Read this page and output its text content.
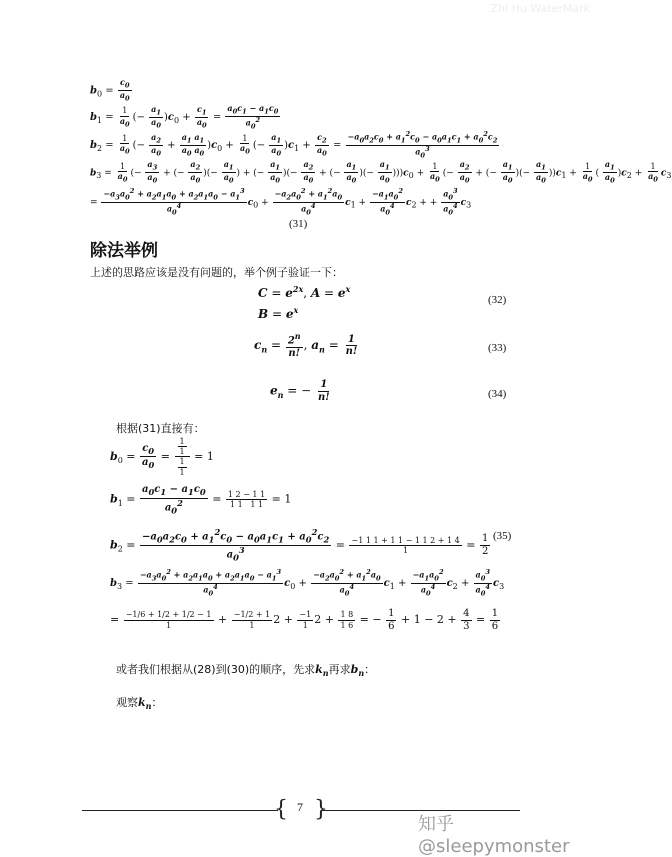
Zhi Hu WaterMark
$b_0 = \frac{c_0}{a_0}$
$b_1 = \frac{1}{a_0}$ (− $\frac{a_1}{a_0} )c_0 + \frac{c_1}{a_0} = \frac{a_0c_1 - a_1c_0}{a_0^2}$
$b_2 = \frac{1}{a_0}$ (− $\frac{a_2}{a_0} + \frac{a_1 a_1}{a_0 a_0} )c_0 + \frac{1}{a_0}$ (− $\frac{a_1}{a_0} )c_1 + \frac{c_2}{a_0} = \frac{-a_0a_2c_0 + a_1^2c_0 - a_0a_1c_1 + a_0^2c_2}{a_0^3}$
$b_3 = \frac{1}{a_0}$ (− $\frac{a_3}{a_0}$ + (− $\frac{a_2}{a_0}$ )(− $\frac{a_1}{a_0}$ ) + (− $\frac{a_1}{a_0}$ )(− $\frac{a_2}{a_0}$ + (− $\frac{a_1}{a_0}$ )(− $\frac{a_1}{a_0} )))c_0 + \frac{1}{a_0}$ (− $\frac{a_2}{a_0}$ + (− $\frac{a_1}{a_0}$ )(− $\frac{a_1}{a_0} ))c_1 + \frac{1}{a_0}$ ( $\frac{a_1}{a_0} )c_2 + \frac{1}{a_0} c_3$
= $\frac{-a_3a_0^2 + a_2a_1a_0 + a_2a_1a_0 - a_1^3}{a_0^4} c_0 + \frac{-a_2a_0^2 + a_1^2a_0}{a_0^4} c_1 + \frac{-a_1a_0^2}{a_0^4} c_2$ + + $\frac{a_0^3}{a_0^4} c_3$
(31)
除法举例
上述的思路应该是没有问题的，举个例子验证一下：
$C = e^{2x}$, $A = e^x$
$B = e^x$
(32)
$c_n = \frac{2^n}{n!}$ , $a_n = \frac{1}{n!}$	(33)
$e_n$ = − $\frac{1}{n!}$	(34)
根据(31)直接有：
$b_0 = \frac{c_0}{a_0} = \frac{\frac{1}{1}}{\frac{1}{1}} = 1$
$b_1 = \frac{a_0c_1 - a_1c_0}{a_0^2} = \frac{1 2 - 1 1}{1 1 1 1} = 1$
$b_2 = \frac{-a_0a_2c_0 + a_1^2c_0 - a_0a_1c_1 + a_0^2c_2}{a_0^3} = \frac{-1 1 1 + 1 1 - 1 1 2 + 1 4}{1} = \frac{1}{2} (35)$
$b_3 = \frac{-a_3a_0^2 + a_2a_1a_0 + a_2a_1a_0 - a_1^3}{a_0^4} c_0 + \frac{-a_2a_0^2 + a_1^2a_0}{a_0^4} c_1 + \frac{-a_1a_0^2}{a_0^4} c_2 + \frac{a_0^3}{a_0^4} c_3$
= $\frac{-1/6 + 1/2 + 1/2 - 1}{1} + \frac{-1/2 + 1}{1} 2 + \frac{-1}{1} 2 + \frac{1 8}{1 6}$ = − $\frac{1}{6} + 1 - 2 + \frac{4}{3} = \frac{1}{6}$
或者我们根据从(28)到(30)的顺序，先求$k_n$再求$b_n$：
观察$k_n$：
{ }
7
知乎 @sleepymonster
